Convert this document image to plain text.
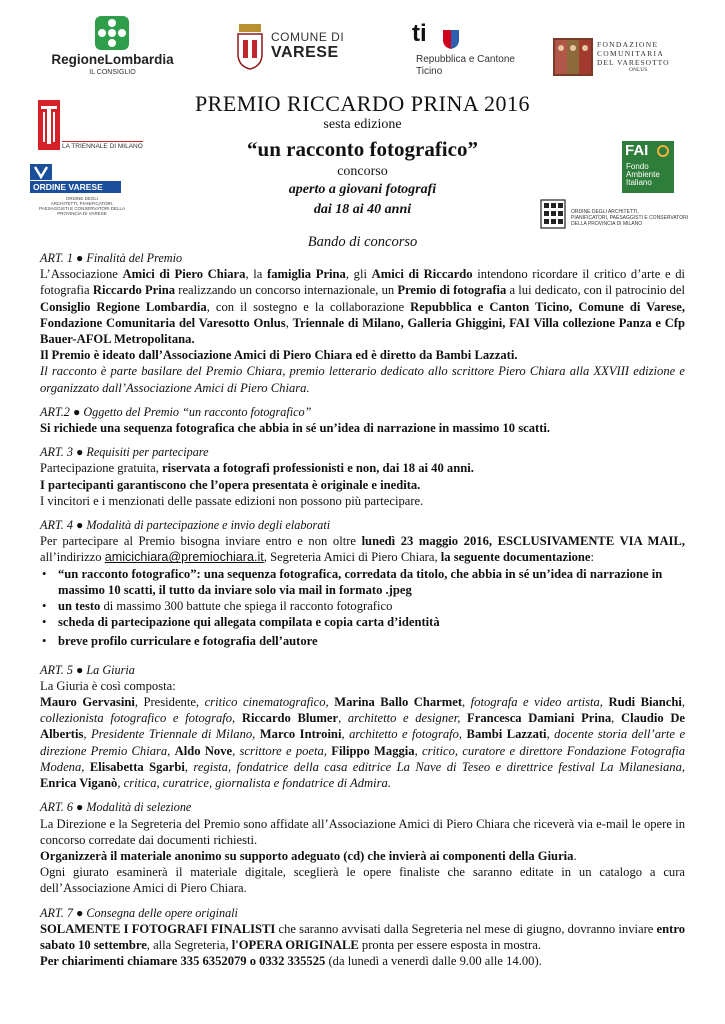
RegioneLombardia
IL CONSIGLIO
COMUNE DI
VARESE
ti
Repubblica e Cantone
Ticino
FONDAZIONE
COMUNITARIA
DEL VARESOTTO
ONLUS
LA TRIENNALE DI MILANO
ORDINE VARESE
ORDINE DEGLI
ARCHITETTI, PIANIFICATORI,
PAESAGGISTI E CONSERVATORI DELLA
PROVINCIA DI VARESE
FAI
Fondo
Ambiente
Italiano
ORDINE DEGLI ARCHITETTI,
PIANIFICATORI, PAESAGGISTI E CONSERVATORI
DELLA PROVINCIA DI MILANO
PREMIO RICCARDO PRINA 2016
sesta edizione
“un racconto fotografico”
concorso
aperto a giovani fotografi
dai 18 ai 40 anni
Bando di concorso
ART. 1 ● Finalità del Premio

L’Associazione Amici di Piero Chiara, la famiglia Prina, gli Amici di Riccardo intendono ricordare il critico d’arte e di fotografia Riccardo Prina realizzando un concorso internazionale, un Premio di fotografia a lui dedicato, con il patrocinio del Consiglio Regione Lombardia, con il sostegno e la collaborazione Repubblica e Canton Ticino, Comune di Varese, Fondazione Comunitaria del Varesotto Onlus, Triennale di Milano, Galleria Ghiggini, FAI Villa collezione Panza e Cfp Bauer-AFOL Metropolitana.

Il Premio è ideato dall’Associazione Amici di Piero Chiara ed è diretto da Bambi Lazzati.

Il racconto è parte basilare del Premio Chiara, premio letterario dedicato allo scrittore Piero Chiara alla XXVIII edizione e organizzato dall’Associazione Amici di Piero Chiara.

ART.2 ● Oggetto del Premio “un racconto fotografico”

Si richiede una sequenza fotografica che abbia in sé un’idea di narrazione in massimo 10 scatti.

ART. 3 ● Requisiti per partecipare

Partecipazione gratuita, riservata a fotografi professionisti e non, dai 18 ai 40 anni.

I partecipanti garantiscono che l’opera presentata è originale e inedita.

I vincitori e i menzionati delle passate edizioni non possono più partecipare.

ART. 4 ● Modalità di partecipazione e invio degli elaborati

Per partecipare al Premio bisogna inviare entro e non oltre lunedì 23 maggio 2016, ESCLUSIVAMENTE VIA MAIL, all’indirizzo amicichiara@premiochiara.it, Segreteria Amici di Piero Chiara, la seguente documentazione:

• “un racconto fotografico”: una sequenza fotografica, corredata da titolo, che abbia in sé un’idea di narrazione in massimo 10 scatti, il tutto da inviare solo via mail in formato .jpeg
• un testo di massimo 300 battute che spiega il racconto fotografico
• scheda di partecipazione qui allegata compilata e copia carta d’identità
• breve profilo curriculare e fotografia dell’autore
ART. 5 ● La Giuria

La Giuria è così composta:

Mauro Gervasini, Presidente, critico cinematografico, Marina Ballo Charmet, fotografa e video artista, Rudi Bianchi, collezionista fotografico e fotografo, Riccardo Blumer, architetto e designer, Francesca Damiani Prina, Claudio De Albertis, Presidente Triennale di Milano, Marco Introini, architetto e fotografo, Bambi Lazzati, docente storia dell’arte e direzione Premio Chiara, Aldo Nove, scrittore e poeta, Filippo Maggia, critico, curatore e direttore Fondazione Fotografia Modena, Elisabetta Sgarbi, regista, fondatrice della casa editrice La Nave di Teseo e direttrice festival La Milanesiana, Enrica Viganò, critica, curatrice, giornalista e fondatrice di Admira.

ART. 6 ● Modalità di selezione

La Direzione e la Segreteria del Premio sono affidate all’Associazione Amici di Piero Chiara che riceverà via e-mail le opere in concorso corredate dai documenti richiesti.

Organizzerà il materiale anonimo su supporto adeguato (cd) che invierà ai componenti della Giuria.

Ogni giurato esaminerà il materiale digitale, sceglierà le opere finaliste che saranno editate in un catalogo a cura dell’Associazione Amici di Piero Chiara.

ART. 7 ● Consegna delle opere originali

SOLAMENTE I FOTOGRAFI FINALISTI che saranno avvisati dalla Segreteria nel mese di giugno, dovranno inviare entro sabato 10 settembre, alla Segreteria, l'OPERA ORIGINALE pronta per essere esposta in mostra.

Per chiarimenti chiamare 335 6352079 o 0332 335525 (da lunedì a venerdì dalle 9.00 alle 14.00).
